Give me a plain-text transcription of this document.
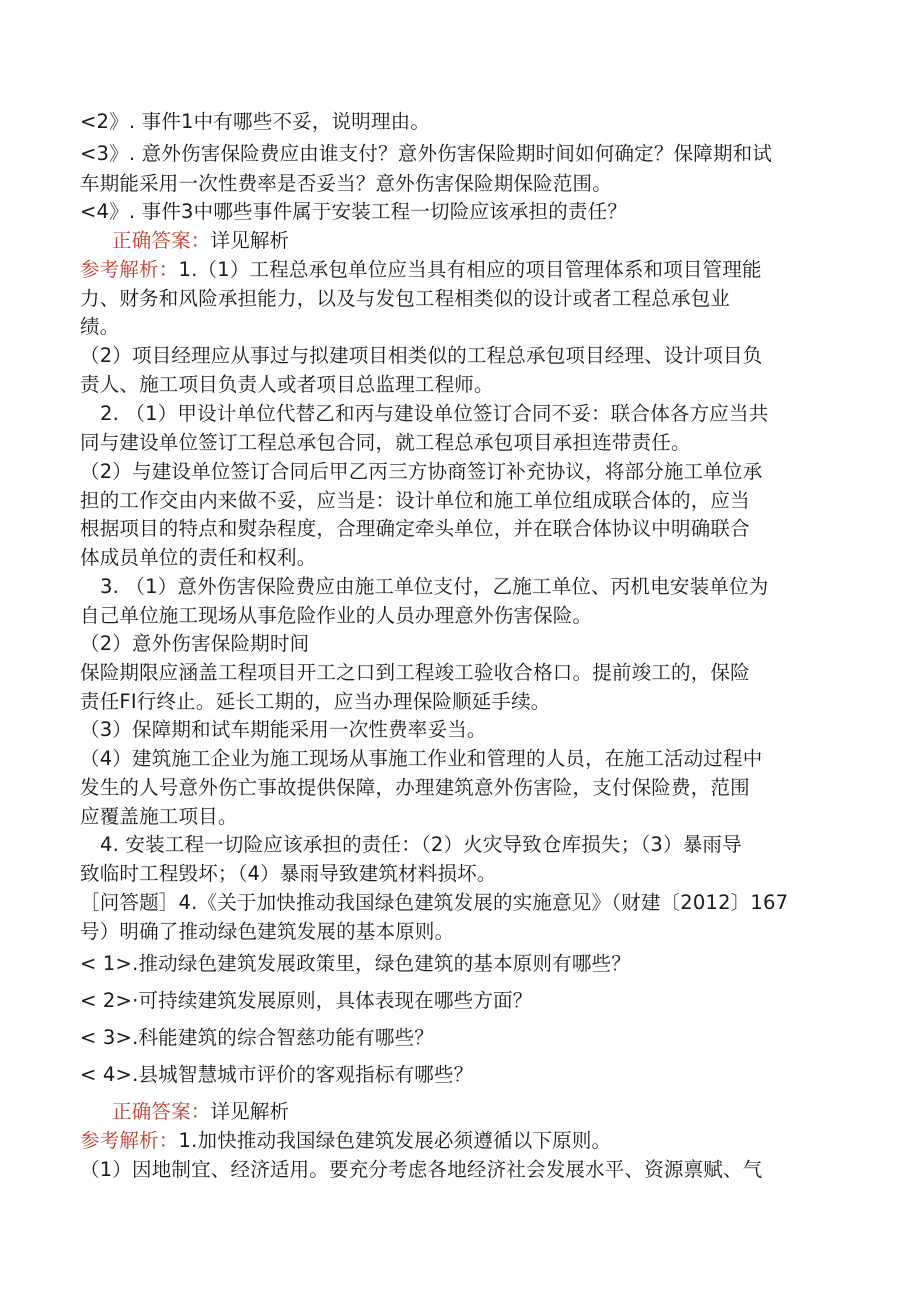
<2》. 事件1中有哪些不妥，说明理由。
<3》. 意外伤害保险费应由谁支付？意外伤害保险期时间如何确定？保障期和试
车期能采用一次性费率是否妥当？意外伤害保险期保险范围。
<4》. 事件3中哪些事件属于安装工程一切险应该承担的责任？
正确答案：详见解析
参考解析：1.（1）工程总承包单位应当具有相应的项目管理体系和项目管理能
力、财务和风险承担能力，以及与发包工程相类似的设计或者工程总承包业
绩。
（2）项目经理应从事过与拟建项目相类似的工程总承包项目经理、设计项目负
责人、施工项目负责人或者项目总监理工程师。
2. （1）甲设计单位代替乙和丙与建设单位签订合同不妥：联合体各方应当共
同与建设单位签订工程总承包合同，就工程总承包项目承担连带责任。
（2）与建设单位签订合同后甲乙丙三方协商签订补充协议，将部分施工单位承
担的工作交由内来做不妥，应当是：设计单位和施工单位组成联合体的，应当
根据项目的特点和熨杂程度，合理确定牵头单位，并在联合体协议中明确联合
体成员单位的责任和权利。
3. （1）意外伤害保险费应由施工单位支付，乙施工单位、丙机电安装单位为
自己单位施工现场从事危险作业的人员办理意外伤害保险。
（2）意外伤害保险期时间
保险期限应涵盖工程项目开工之口到工程竣工验收合格口。提前竣工的，保险
责任FI行终止。延长工期的，应当办理保险顺延手续。
（3）保障期和试车期能采用一次性费率妥当。
（4）建筑施工企业为施工现场从事施工作业和管理的人员，在施工活动过程中
发生的人号意外伤亡事故提供保障，办理建筑意外伤害险，支付保险费，范围
应覆盖施工项目。
4. 安装工程一切险应该承担的责任：（2）火灾导致仓库损失；（3）暴雨导
致临时工程毁坏；（4）暴雨导致建筑材料损坏。
［问答题］4.《关于加快推动我国绿色建筑发展的实施意见》（财建〔2012〕167
号）明确了推动绿色建筑发展的基本原则。
< 1>.推动绿色建筑发展政策里，绿色建筑的基本原则有哪些？
< 2>·可持续建筑发展原则，具体表现在哪些方面？
< 3>.科能建筑的综合智慈功能有哪些？
< 4>.县城智慧城市评价的客观指标有哪些？
正确答案：详见解析
参考解析：1.加快推动我国绿色建筑发展必须遵循以下原则。
（1）因地制宜、经济适用。要充分考虑各地经济社会发展水平、资源禀赋、气
